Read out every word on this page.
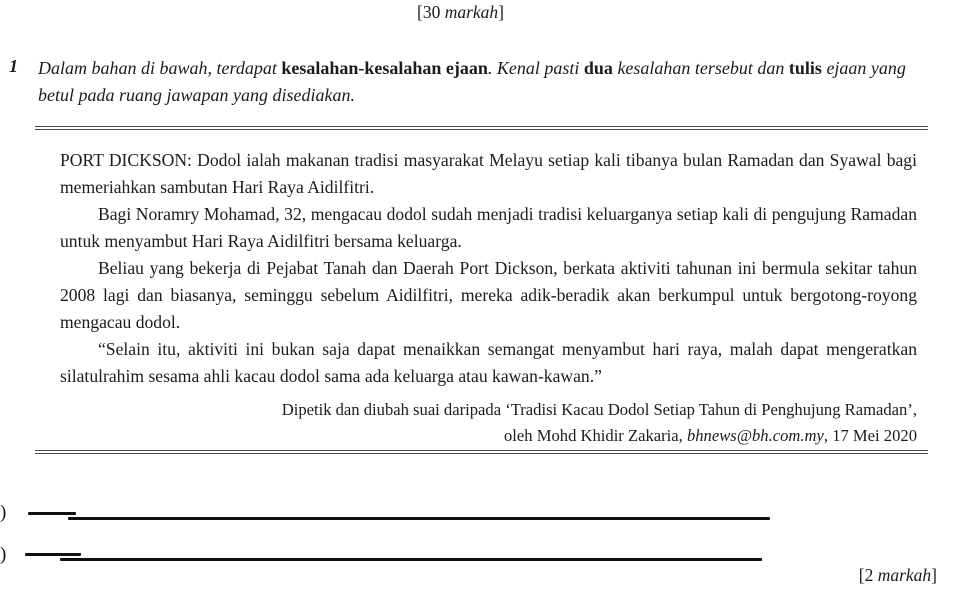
[30 markah]
1 Dalam bahan di bawah, terdapat kesalahan-kesalahan ejaan. Kenal pasti dua kesalahan tersebut dan tulis ejaan yang betul pada ruang jawapan yang disediakan.

PORT DICKSON: Dodol ialah makanan tradisi masyarakat Melayu setiap kali tibanya bulan Ramadan dan Syawal bagi memeriahkan sambutan Hari Raya Aidilfitri.

Bagi Noramry Mohamad, 32, mengacau dodol sudah menjadi tradisi keluarganya setiap kali di pengujung Ramadan untuk menyambut Hari Raya Aidilfitri bersama keluarga.

Beliau yang bekerja di Pejabat Tanah dan Daerah Port Dickson, berkata aktiviti tahunan ini bermula sekitar tahun 2008 lagi dan biasanya, seminggu sebelum Aidilfitri, mereka adik-beradik akan berkumpul untuk bergotong-royong mengacau dodol.

“Selain itu, aktiviti ini bukan saja dapat menaikkan semangat menyambut hari raya, malah dapat mengeratkan silatulrahim sesama ahli kacau dodol sama ada keluarga atau kawan-kawan.”

Dipetik dan diubah suai daripada ‘Tradisi Kacau Dodol Setiap Tahun di Penghujung Ramadan’,
oleh Mohd Khidir Zakaria, bhnews@bh.com.my, 17 Mei 2020
)
)
[2 markah]
